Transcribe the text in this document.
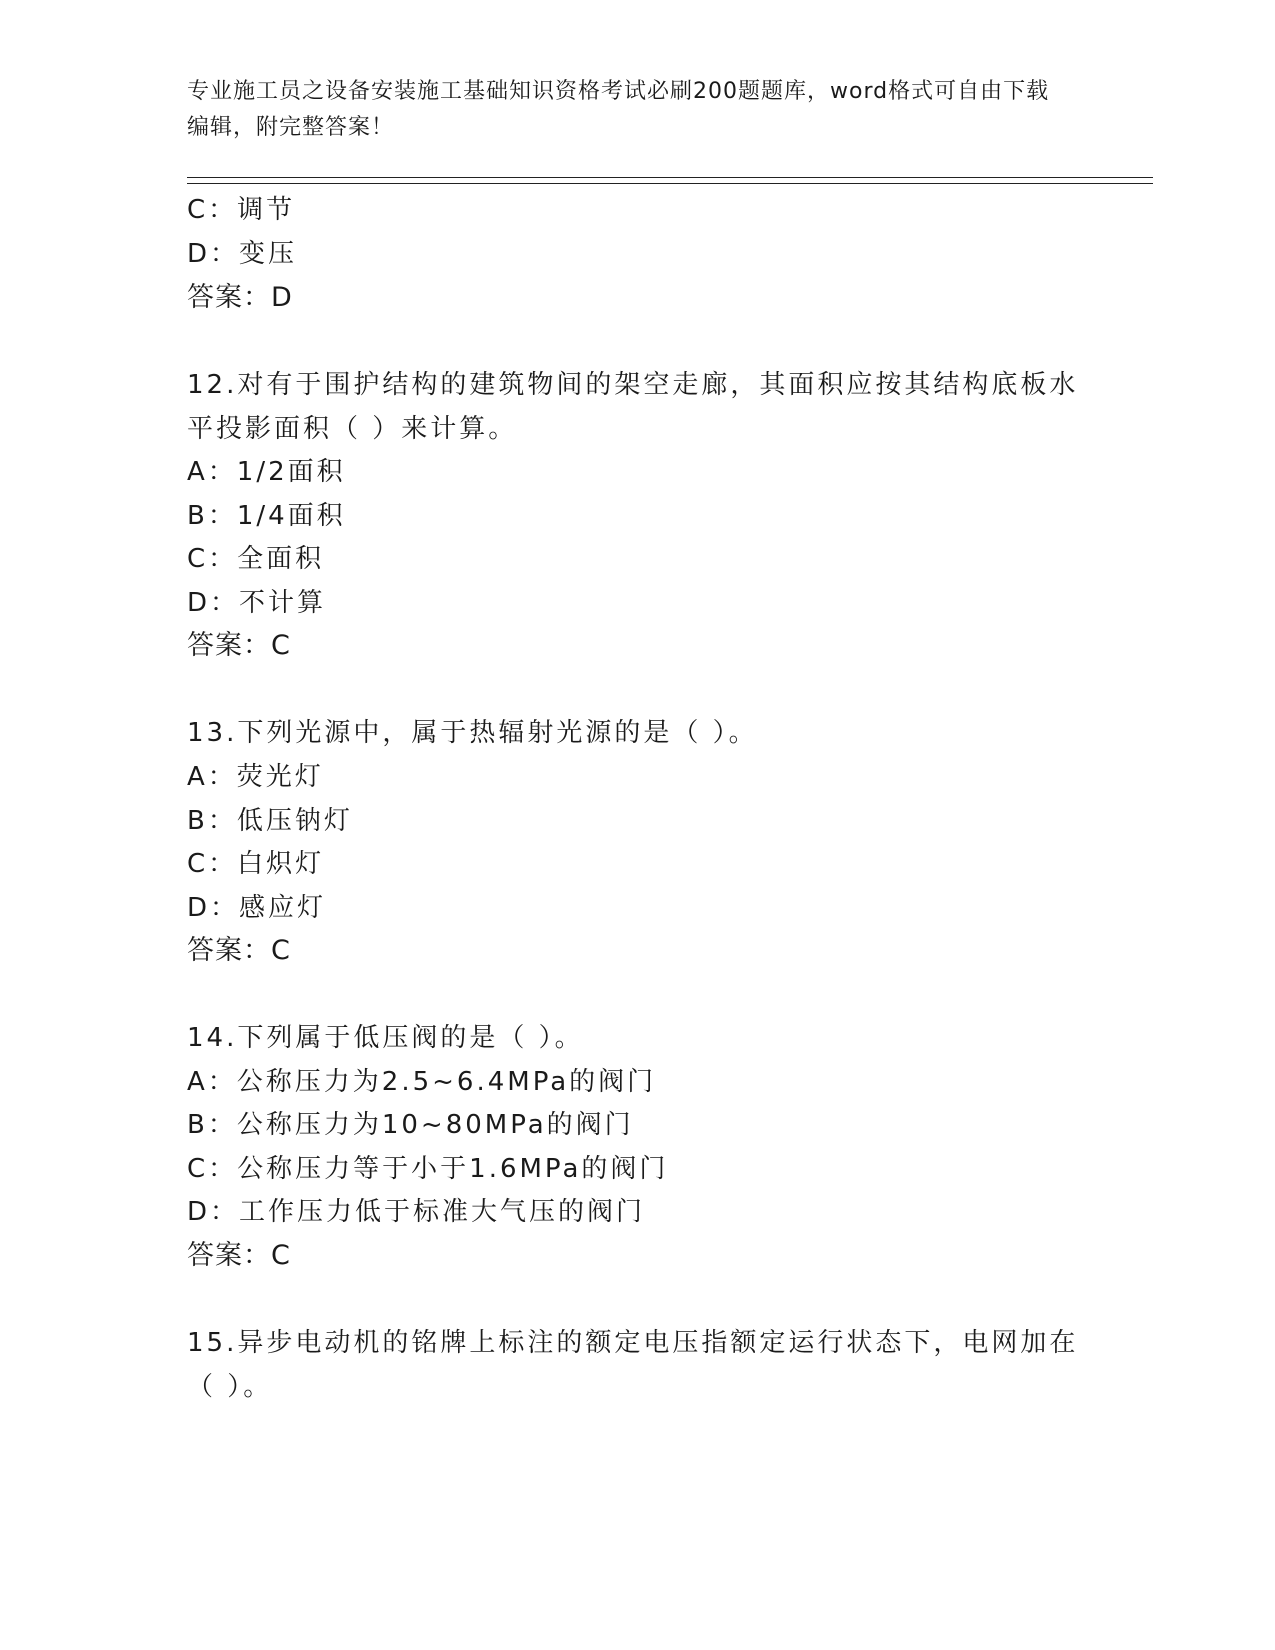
专业施工员之设备安装施工基础知识资格考试必刷200题题库，word格式可自由下载编辑，附完整答案！
C：调节
D：变压
答案：D
12.对有于围护结构的建筑物间的架空走廊，其面积应按其结构底板水
平投影面积（ ）来计算。
A：1/2面积
B：1/4面积
C：全面积
D：不计算
答案：C
13.下列光源中，属于热辐射光源的是（ ）。
A：荧光灯
B：低压钠灯
C：白炽灯
D：感应灯
答案：C
14.下列属于低压阀的是（ ）。
A：公称压力为2.5~6.4MPa的阀门
B：公称压力为10~80MPa的阀门
C：公称压力等于小于1.6MPa的阀门
D：工作压力低于标准大气压的阀门
答案：C
15.异步电动机的铭牌上标注的额定电压指额定运行状态下，电网加在
（ ）。
